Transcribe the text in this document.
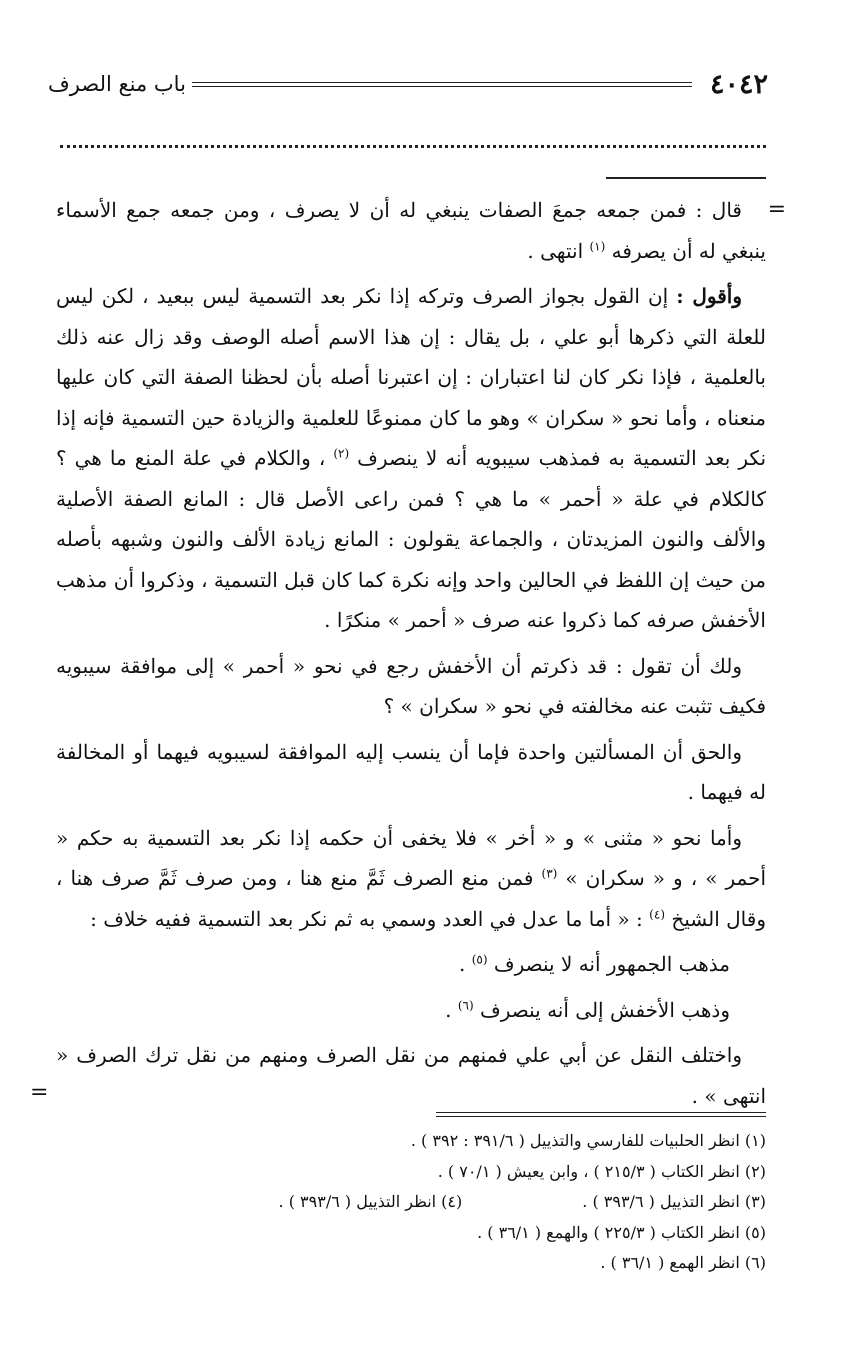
٤٠٤٢
باب منع الصرف
=

قال : فمن جمعه جمعَ الصفات ينبغي له أن لا يصرف ، ومن جمعه جمع الأسماء ينبغي له أن يصرفه $^{(١)}$ انتهى .

وأقول : إن القول بجواز الصرف وتركه إذا نكر بعد التسمية ليس ببعيد ، لكن ليس للعلة التي ذكرها أبو علي ، بل يقال : إن هذا الاسم أصله الوصف وقد زال عنه ذلك بالعلمية ، فإذا نكر كان لنا اعتباران : إن اعتبرنا أصله بأن لحظنا الصفة التي كان عليها منعناه ، وأما نحو « سكران » وهو ما كان ممنوعًا للعلمية والزيادة حين التسمية فإنه إذا نكر بعد التسمية به فمذهب سيبويه أنه لا ينصرف $^{(٢)}$ ، والكلام في علة المنع ما هي ؟ كالكلام في علة « أحمر » ما هي ؟ فمن راعى الأصل قال : المانع الصفة الأصلية والألف والنون المزيدتان ، والجماعة يقولون : المانع زيادة الألف والنون وشبهه بأصله من حيث إن اللفظ في الحالين واحد وإنه نكرة كما كان قبل التسمية ، وذكروا أن مذهب الأخفش صرفه كما ذكروا عنه صرف « أحمر » منكرًا .

ولك أن تقول : قد ذكرتم أن الأخفش رجع في نحو « أحمر » إلى موافقة سيبويه فكيف تثبت عنه مخالفته في نحو « سكران » ؟

والحق أن المسألتين واحدة فإما أن ينسب إليه الموافقة لسيبويه فيهما أو المخالفة له فيهما .

وأما نحو « مثنى » و « أخر » فلا يخفى أن حكمه إذا نكر بعد التسمية به حكم « أحمر » ، و « سكران » $^{(٣)}$ فمن منع الصرف ثَمَّ منع هنا ، ومن صرف ثَمَّ صرف هنا ، وقال الشيخ $^{(٤)}$ : « أما ما عدل في العدد وسمي به ثم نكر بعد التسمية ففيه خلاف :

مذهب الجمهور أنه لا ينصرف $^{(٥)}$ .

وذهب الأخفش إلى أنه ينصرف $^{(٦)}$ .

واختلف النقل عن أبي علي فمنهم من نقل الصرف ومنهم من نقل ترك الصرف « انتهى » .

=
(١) انظر الحلبيات للفارسي والتذييل ( ٣٩١/٦ : ٣٩٢ ) .
(٢) انظر الكتاب ( ٢١٥/٣ ) ، وابن يعيش ( ٧٠/١ ) .
(٣) انظر التذييل ( ٣٩٣/٦ ) .
(٤) انظر التذييل ( ٣٩٣/٦ ) .
(٥) انظر الكتاب ( ٢٢٥/٣ ) والهمع ( ٣٦/١ ) .
(٦) انظر الهمع ( ٣٦/١ ) .
